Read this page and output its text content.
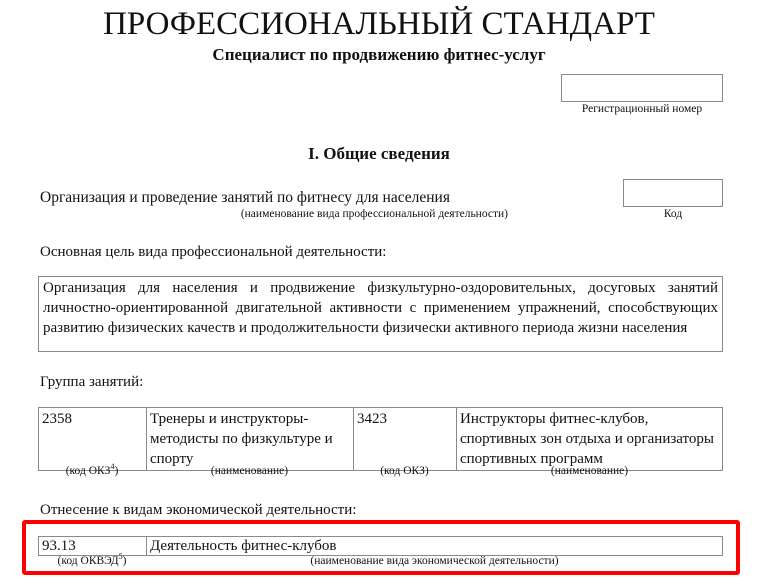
ПРОФЕССИОНАЛЬНЫЙ СТАНДАРТ
Специалист по продвижению фитнес-услуг
Регистрационный номер
I. Общие сведения
Организация и проведение занятий по фитнесу для населения
(наименование вида профессиональной деятельности)	Код
Основная цель вида профессиональной деятельности:
Организация для населения и продвижение физкультурно-оздоровительных, досуговых занятий личностно-ориентированной двигательной активности с применением упражнений, способствующих развитию физических качеств и продолжительности физически активного периода жизни населения
Группа занятий:
2358	Тренеры и инструкторы-методисты по физкультуре и спорту	3423	Инструкторы фитнес-клубов, спортивных зон отдыха и организаторы спортивных программ
(код ОКЗ$^4$)	(наименование)	(код ОКЗ)	(наименование)
Отнесение к видам экономической деятельности:
93.13	Деятельность фитнес-клубов
(код ОКВЭД$^5$)	(наименование вида экономической деятельности)
